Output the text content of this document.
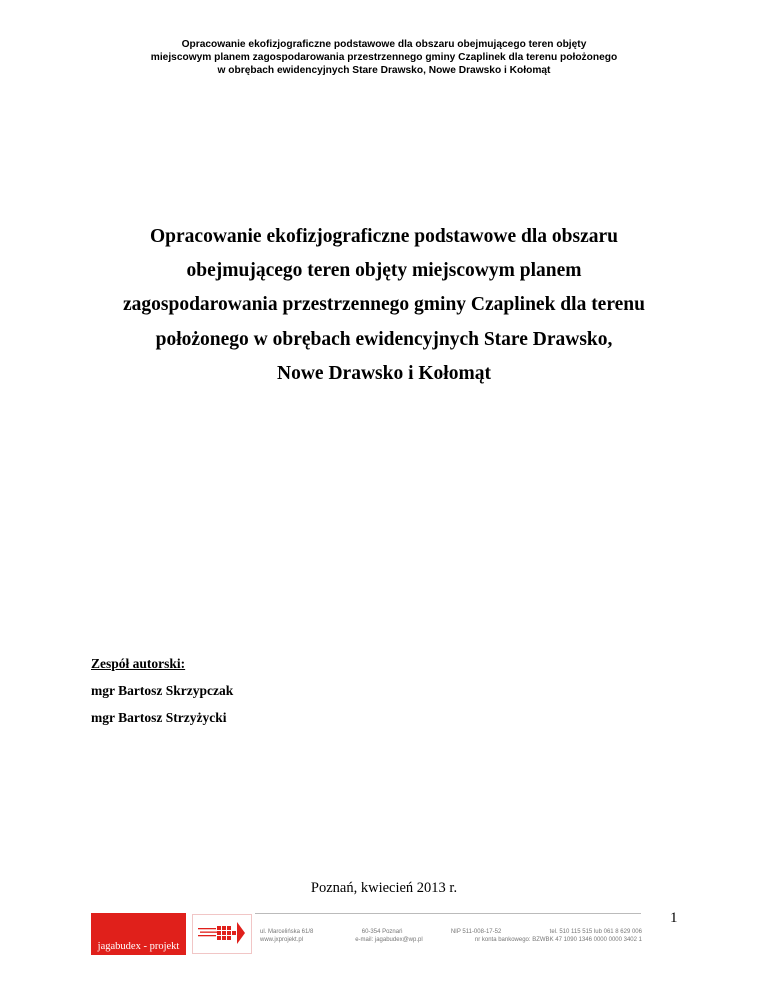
Opracowanie ekofizjograficzne podstawowe dla obszaru obejmującego teren objęty
miejscowym planem zagospodarowania przestrzennego gminy Czaplinek dla terenu położonego
w obrębach ewidencyjnych Stare Drawsko, Nowe Drawsko i Kołomąt
Opracowanie ekofizjograficzne podstawowe dla obszaru
obejmującego teren objęty miejscowym planem
zagospodarowania przestrzennego gminy Czaplinek dla terenu
położonego w obrębach ewidencyjnych Stare Drawsko,
Nowe Drawsko i Kołomąt
Zespół autorski:
mgr Bartosz Skrzypczak
mgr Bartosz Strzyżycki
Poznań, kwiecień 2013 r.
1
jagabudex - projekt
ul. Marcelińska 61/8	60-354 Poznań	NIP 511-008-17-52	tel. 510 115 515 lub 061 8 629 006
www.jxprojekt.pl	e-mail: jagabudex@wp.pl	nr konta bankowego: BZWBK 47 1090 1346 0000 0000 3402 1
